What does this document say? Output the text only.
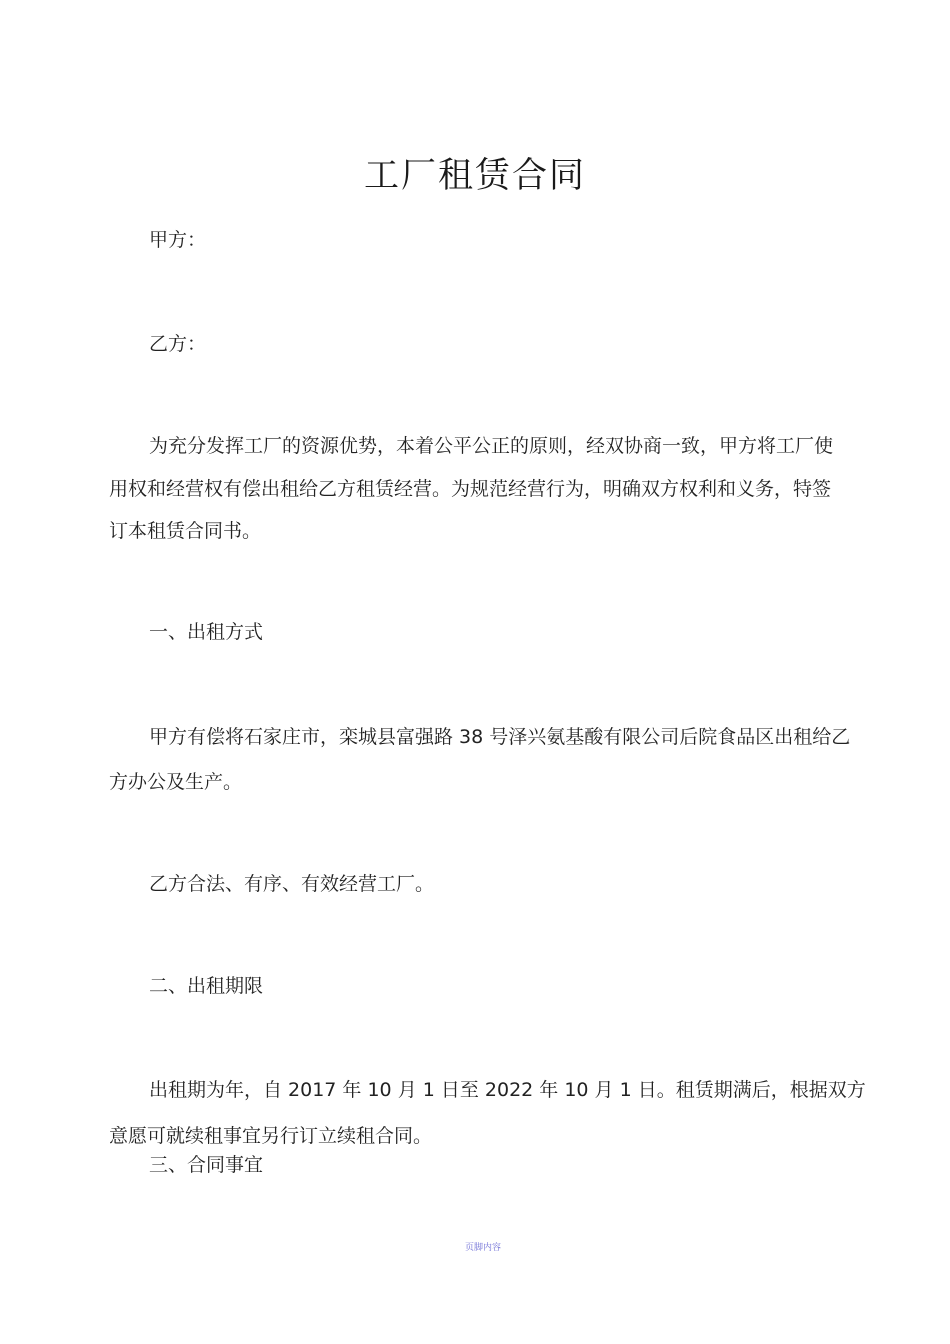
工厂租赁合同
甲方：
乙方：
为充分发挥工厂的资源优势，本着公平公正的原则，经双协商一致，甲方将工厂使
用权和经营权有偿出租给乙方租赁经营。为规范经营行为，明确双方权利和义务，特签
订本租赁合同书。
一、出租方式
甲方有偿将石家庄市，栾城县富强路 38 号泽兴氨基酸有限公司后院食品区出租给乙
方办公及生产。
乙方合法、有序、有效经营工厂。
二、出租期限
出租期为年，自 2017 年 10 月 1 日至 2022 年 10 月 1 日。租赁期满后，根据双方
意愿可就续租事宜另行订立续租合同。
三、合同事宜
页脚内容
